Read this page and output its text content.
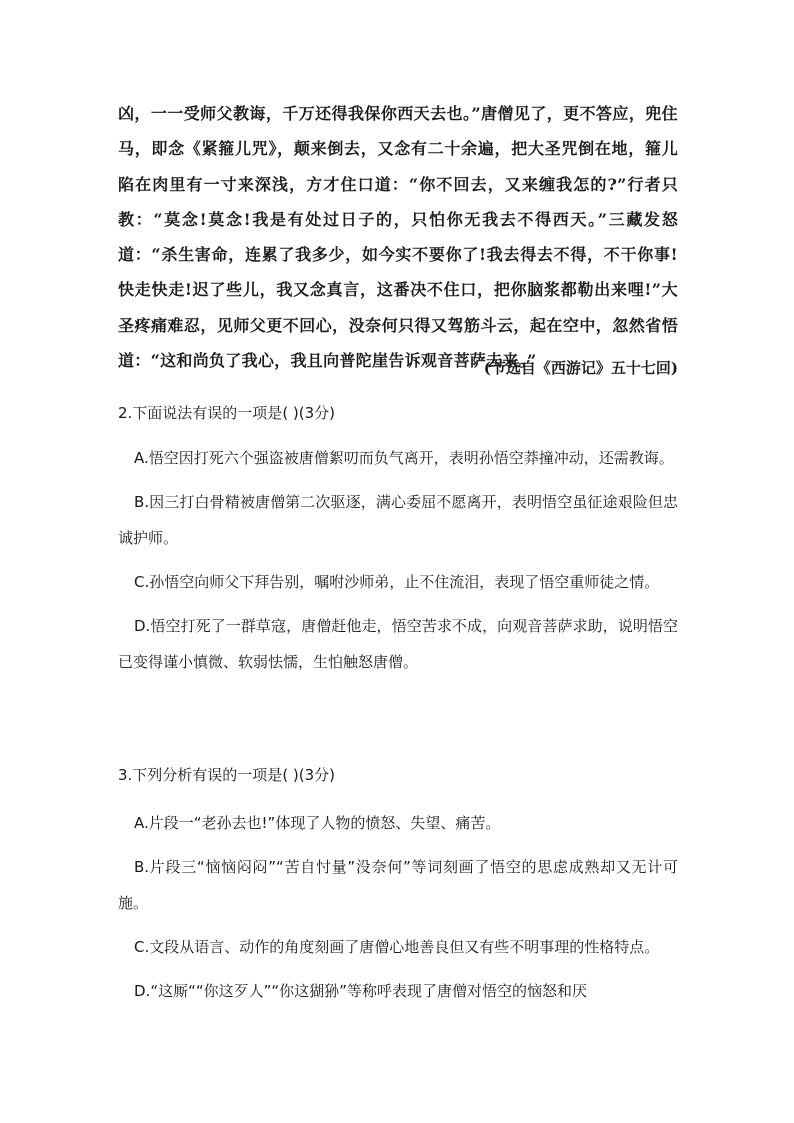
凶，一一受师父教诲，千万还得我保你西天去也。”唐僧见了，更不答应，兜住马，即念《紧箍儿咒》，颠来倒去，又念有二十余遍，把大圣咒倒在地，箍儿陷在肉里有一寸来深浅，方才住口道：“你不回去，又来缠我怎的?”行者只教：“莫念!莫念!我是有处过日子的，只怕你无我去不得西天。”三藏发怒道：“杀生害命，连累了我多少，如今实不要你了!我去得去不得，不干你事!快走快走!迟了些儿，我又念真言，这番决不住口，把你脑浆都勒出来哩!”大圣疼痛难忍，见师父更不回心，没奈何只得又驾筋斗云，起在空中，忽然省悟道：“这和尚负了我心，我且向普陀崖告诉观音菩萨去来。”

(节选自《西游记》五十七回)

2.下面说法有误的一项是( )(3分)

A.悟空因打死六个强盗被唐僧絮叨而负气离开，表明孙悟空莽撞冲动，还需教诲。

B.因三打白骨精被唐僧第二次驱逐，满心委屈不愿离开，表明悟空虽征途艰险但忠诚护师。

C.孙悟空向师父下拜告别，嘱咐沙师弟，止不住流泪，表现了悟空重师徒之情。

D.悟空打死了一群草寇，唐僧赶他走，悟空苦求不成，向观音菩萨求助，说明悟空已变得谨小慎微、软弱怯懦，生怕触怒唐僧。

3.下列分析有误的一项是( )(3分)

A.片段一“老孙去也!”体现了人物的愤怒、失望、痛苦。

B.片段三“恼恼闷闷”“苦自忖量”没奈何”等词刻画了悟空的思虑成熟却又无计可施。

C.文段从语言、动作的角度刻画了唐僧心地善良但又有些不明事理的性格特点。

D.“这厮““你这歹人”“你这猢狲”等称呼表现了唐僧对悟空的恼怒和厌
